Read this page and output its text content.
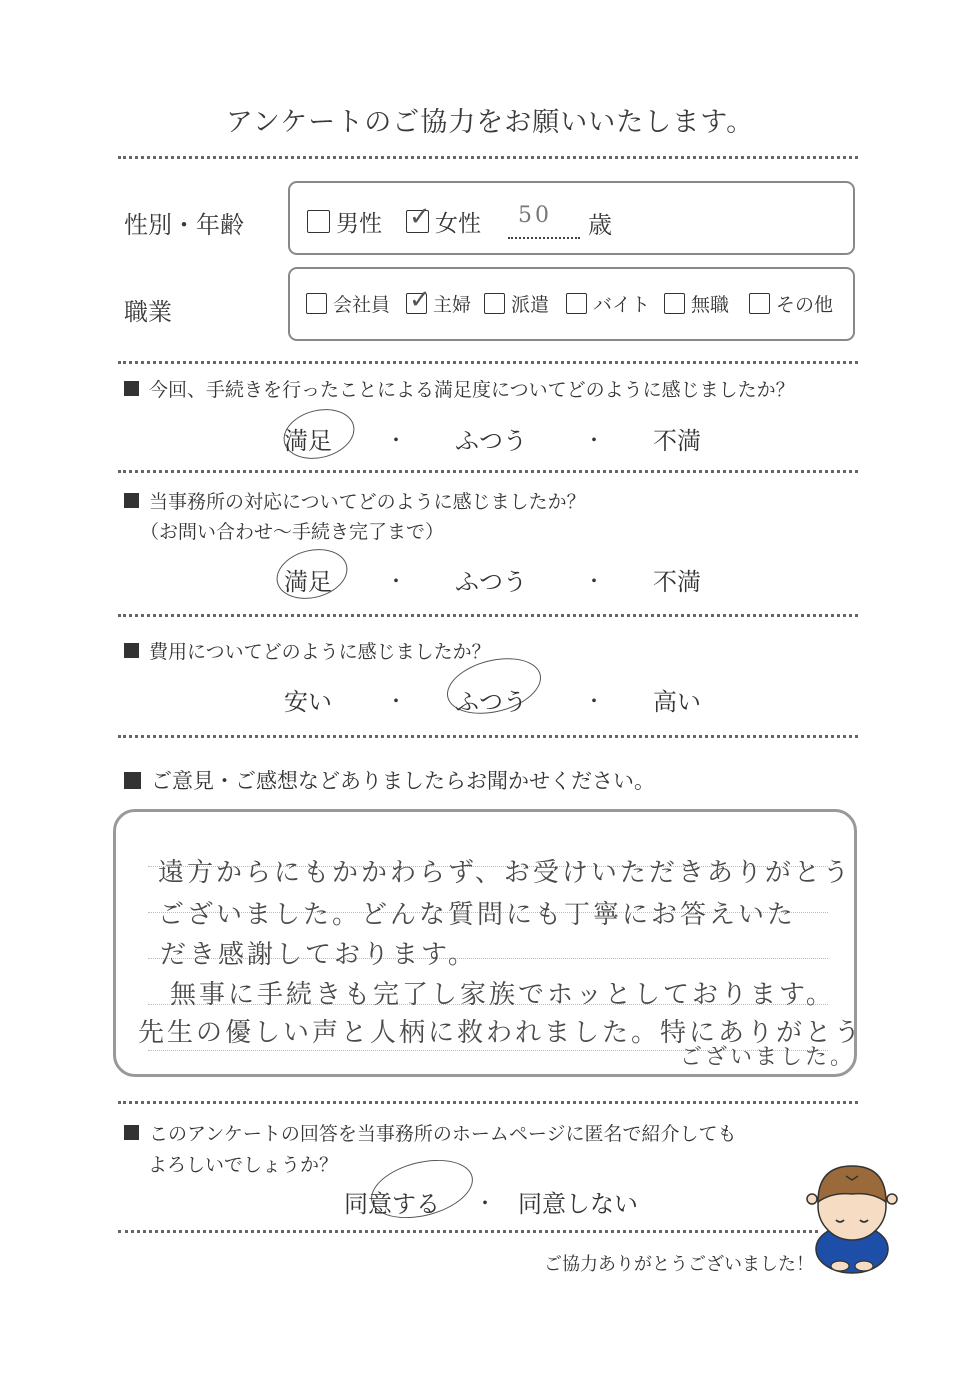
アンケートのご協力をお願いいたします。
性別・年齢	男性 ✓ 女性 50 歳
職業	会社員 ✓ 主婦 派遣 バイト 無職 その他
今回、手続きを行ったことによる満足度についてどのように感じましたか？
満足	・	ふつう	・	不満
当事務所の対応についてどのように感じましたか？
（お問い合わせ〜手続き完了まで）
満足	・	ふつう	・	不満
費用についてどのように感じましたか？
安い	・	ふつう	・	高い
ご意見・ご感想などありましたらお聞かせください。
遠方からにもかかわらず、お受けいただきありがとう
ございました。どんな質問にも丁寧にお答えいた
だき感謝しております。
無事に手続きも完了し家族でホッとしております。
先生の優しい声と人柄に救われました。特にありがとう
ございました。
このアンケートの回答を当事務所のホームページに匿名で紹介しても
よろしいでしょうか？
同意する ・ 同意しない
ご協力ありがとうございました！
